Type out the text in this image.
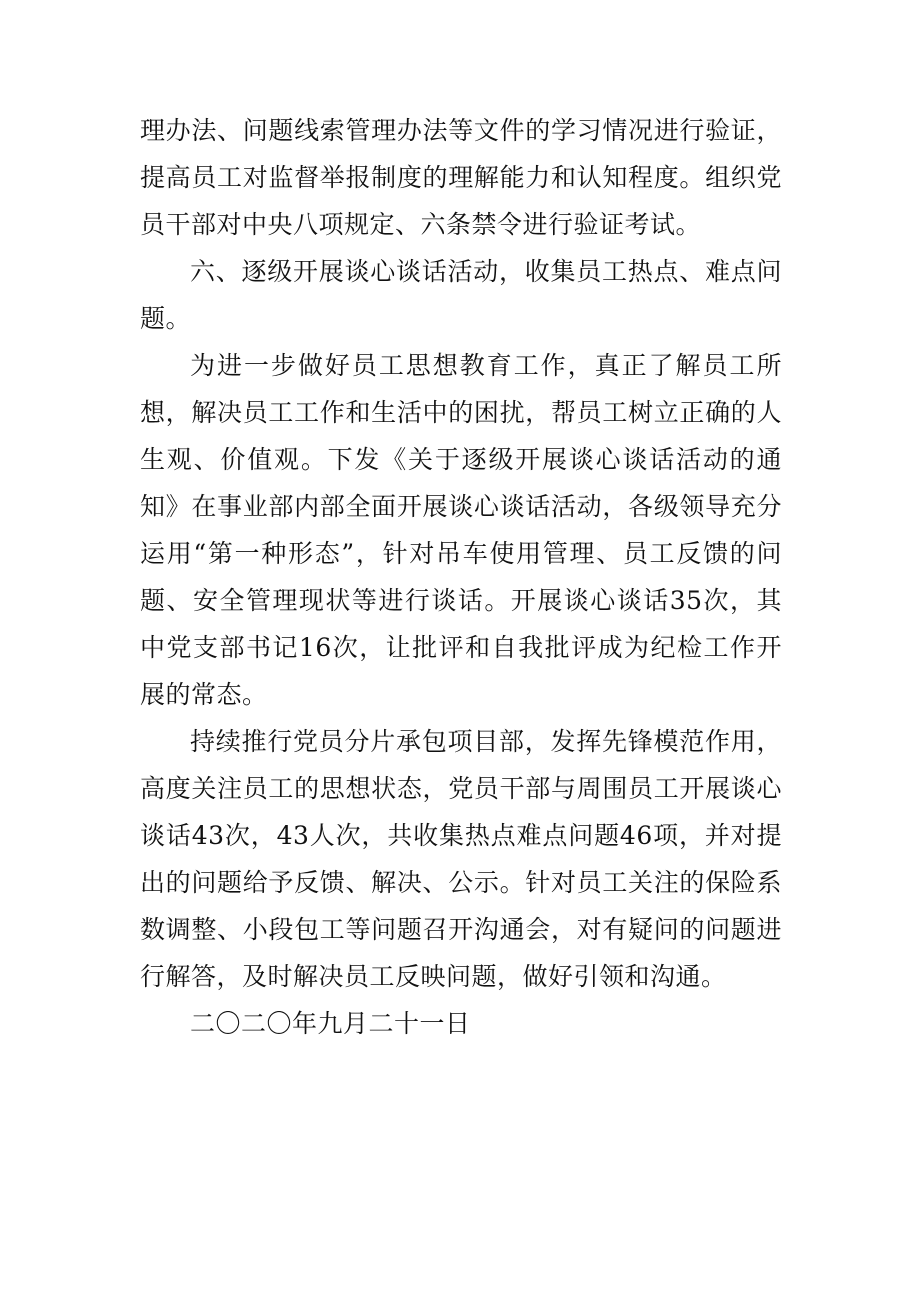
理办法、问题线索管理办法等文件的学习情况进行验证，提高员工对监督举报制度的理解能力和认知程度。组织党员干部对中央八项规定、六条禁令进行验证考试。

六、逐级开展谈心谈话活动，收集员工热点、难点问题。

为进一步做好员工思想教育工作，真正了解员工所想，解决员工工作和生活中的困扰，帮员工树立正确的人生观、价值观。下发《关于逐级开展谈心谈话活动的通知》在事业部内部全面开展谈心谈话活动，各级领导充分运用“第一种形态”，针对吊车使用管理、员工反馈的问题、安全管理现状等进行谈话。开展谈心谈话35次，其中党支部书记16次，让批评和自我批评成为纪检工作开展的常态。

持续推行党员分片承包项目部，发挥先锋模范作用，高度关注员工的思想状态，党员干部与周围员工开展谈心谈话43次，43人次，共收集热点难点问题46项，并对提出的问题给予反馈、解决、公示。针对员工关注的保险系数调整、小段包工等问题召开沟通会，对有疑问的问题进行解答，及时解决员工反映问题，做好引领和沟通。

二〇二〇年九月二十一日
